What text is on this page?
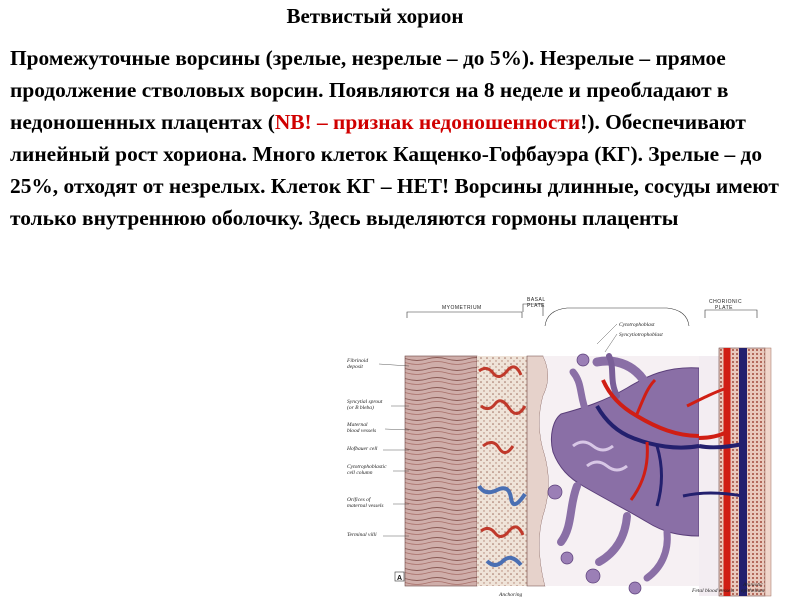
Ветвистый хорион
Промежуточные ворсины (зрелые, незрелые – до 5%). Незрелые – прямое продолжение стволовых ворсин. Появляются на 8 неделе и преобладают в недоношенных плацентах (NB! – признак недоношенности!). Обеспечивают линейный рост хориона. Много клеток Кащенко-Гофбауэра (КГ). Зрелые – до 25%, отходят от незрелых. Клеток КГ – НЕТ! Ворсины длинные, сосуды имеют только внутреннюю оболочку. Здесь выделяются гормоны плаценты
MYOMETRIUM
BASAL
PLATE
CHORIONIC
PLATE
Cytotrophoblast
Syncytiotrophoblast
Fibrinoid
deposit
Syncytial sprout
(or B bleba)
Maternal
blood vessels
Hofbauer cell
Cytotrophoblastic
cell column
Orifices of
maternal vessels
Terminal villi
A
Anchoring
Fetal blood vessels
Amniotic
epithelium
